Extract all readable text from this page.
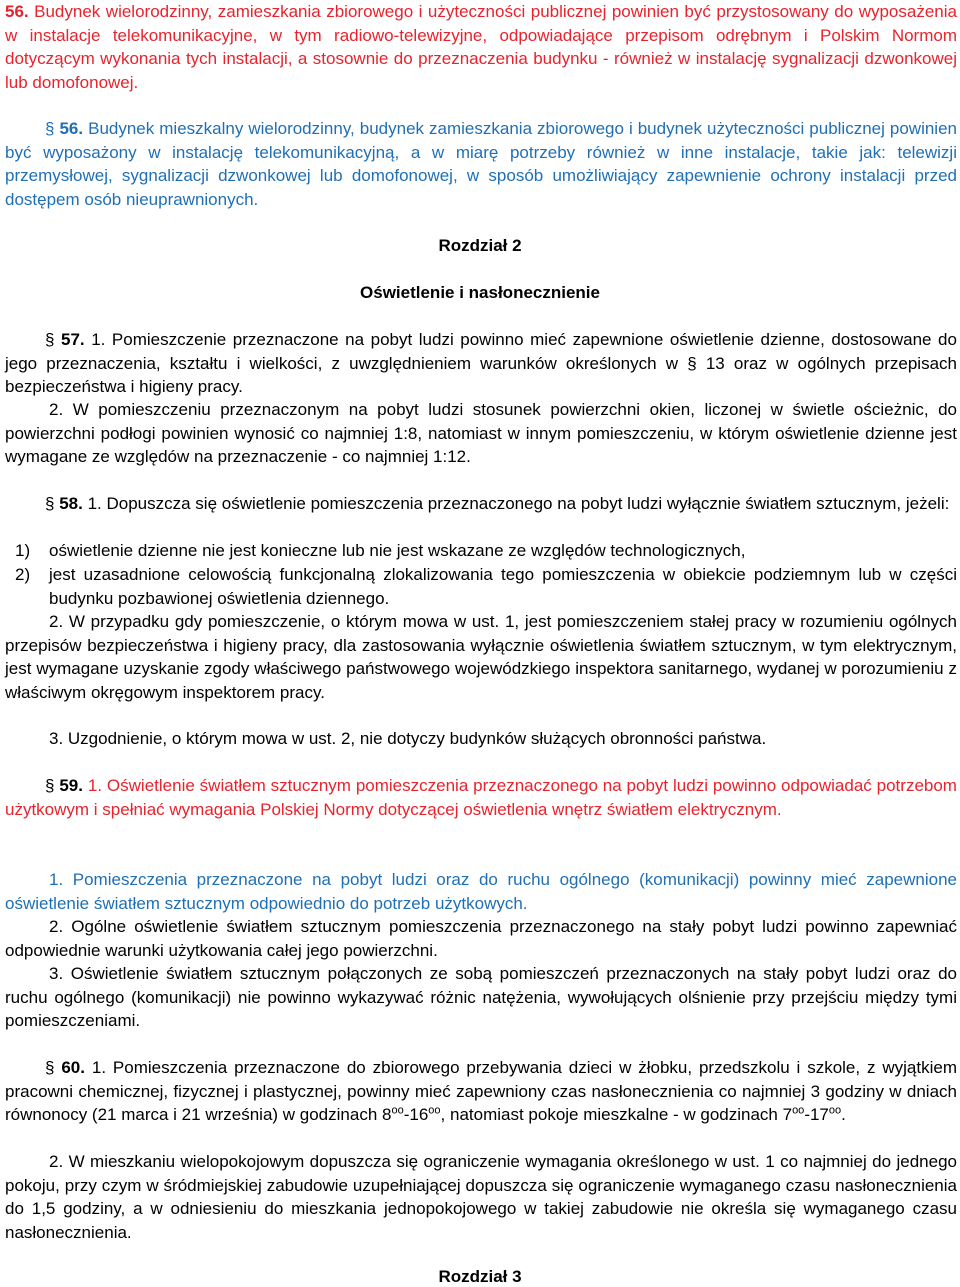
56. Budynek wielorodzinny, zamieszkania zbiorowego i użyteczności publicznej powinien być przystosowany do wyposażenia w instalacje telekomunikacyjne, w tym radiowo-telewizyjne, odpowiadające przepisom odrębnym i Polskim Normom dotyczącym wykonania tych instalacji, a stosownie do przeznaczenia budynku - również w instalację sygnalizacji dzwonkowej lub domofonowej.

§ 56. Budynek mieszkalny wielorodzinny, budynek zamieszkania zbiorowego i budynek użyteczności publicznej powinien być wyposażony w instalację telekomunikacyjną, a w miarę potrzeby również w inne instalacje, takie jak: telewizji przemysłowej, sygnalizacji dzwonkowej lub domofonowej, w sposób umożliwiający zapewnienie ochrony instalacji przed dostępem osób nieuprawnionych.

Rozdział 2

Oświetlenie i nasłonecznienie

§ 57. 1. Pomieszczenie przeznaczone na pobyt ludzi powinno mieć zapewnione oświetlenie dzienne, dostosowane do jego przeznaczenia, kształtu i wielkości, z uwzględnieniem warunków określonych w § 13 oraz w ogólnych przepisach bezpieczeństwa i higieny pracy.

2. W pomieszczeniu przeznaczonym na pobyt ludzi stosunek powierzchni okien, liczonej w świetle ościeżnic, do powierzchni podłogi powinien wynosić co najmniej 1:8, natomiast w innym pomieszczeniu, w którym oświetlenie dzienne jest wymagane ze względów na przeznaczenie - co najmniej 1:12.

§ 58. 1. Dopuszcza się oświetlenie pomieszczenia przeznaczonego na pobyt ludzi wyłącznie światłem sztucznym, jeżeli:

1)	oświetlenie dzienne nie jest konieczne lub nie jest wskazane ze względów technologicznych,
2)	jest uzasadnione celowością funkcjonalną zlokalizowania tego pomieszczenia w obiekcie podziemnym lub w części budynku pozbawionej oświetlenia dziennego.

2. W przypadku gdy pomieszczenie, o którym mowa w ust. 1, jest pomieszczeniem stałej pracy w rozumieniu ogólnych przepisów bezpieczeństwa i higieny pracy, dla zastosowania wyłącznie oświetlenia światłem sztucznym, w tym elektrycznym, jest wymagane uzyskanie zgody właściwego państwowego wojewódzkiego inspektora sanitarnego, wydanej w porozumieniu z właściwym okręgowym inspektorem pracy.

3. Uzgodnienie, o którym mowa w ust. 2, nie dotyczy budynków służących obronności państwa.

§ 59. 1. Oświetlenie światłem sztucznym pomieszczenia przeznaczonego na pobyt ludzi powinno odpowiadać potrzebom użytkowym i spełniać wymagania Polskiej Normy dotyczącej oświetlenia wnętrz światłem elektrycznym.

1. Pomieszczenia przeznaczone na pobyt ludzi oraz do ruchu ogólnego (komunikacji) powinny mieć zapewnione oświetlenie światłem sztucznym odpowiednio do potrzeb użytkowych.

2. Ogólne oświetlenie światłem sztucznym pomieszczenia przeznaczonego na stały pobyt ludzi powinno zapewniać odpowiednie warunki użytkowania całej jego powierzchni.

3. Oświetlenie światłem sztucznym połączonych ze sobą pomieszczeń przeznaczonych na stały pobyt ludzi oraz do ruchu ogólnego (komunikacji) nie powinno wykazywać różnic natężenia, wywołujących olśnienie przy przejściu między tymi pomieszczeniami.

§ 60. 1. Pomieszczenia przeznaczone do zbiorowego przebywania dzieci w żłobku, przedszkolu i szkole, z wyjątkiem pracowni chemicznej, fizycznej i plastycznej, powinny mieć zapewniony czas nasłonecznienia co najmniej 3 godziny w dniach równonocy (21 marca i 21 września) w godzinach $8^{oo}-16^{oo}$, natomiast pokoje mieszkalne - w godzinach $7^{oo}-17^{oo}$.

2. W mieszkaniu wielopokojowym dopuszcza się ograniczenie wymagania określonego w ust. 1 co najmniej do jednego pokoju, przy czym w śródmiejskiej zabudowie uzupełniającej dopuszcza się ograniczenie wymaganego czasu nasłonecznienia do 1,5 godziny, a w odniesieniu do mieszkania jednopokojowego w takiej zabudowie nie określa się wymaganego czasu nasłonecznienia.

Rozdział 3
